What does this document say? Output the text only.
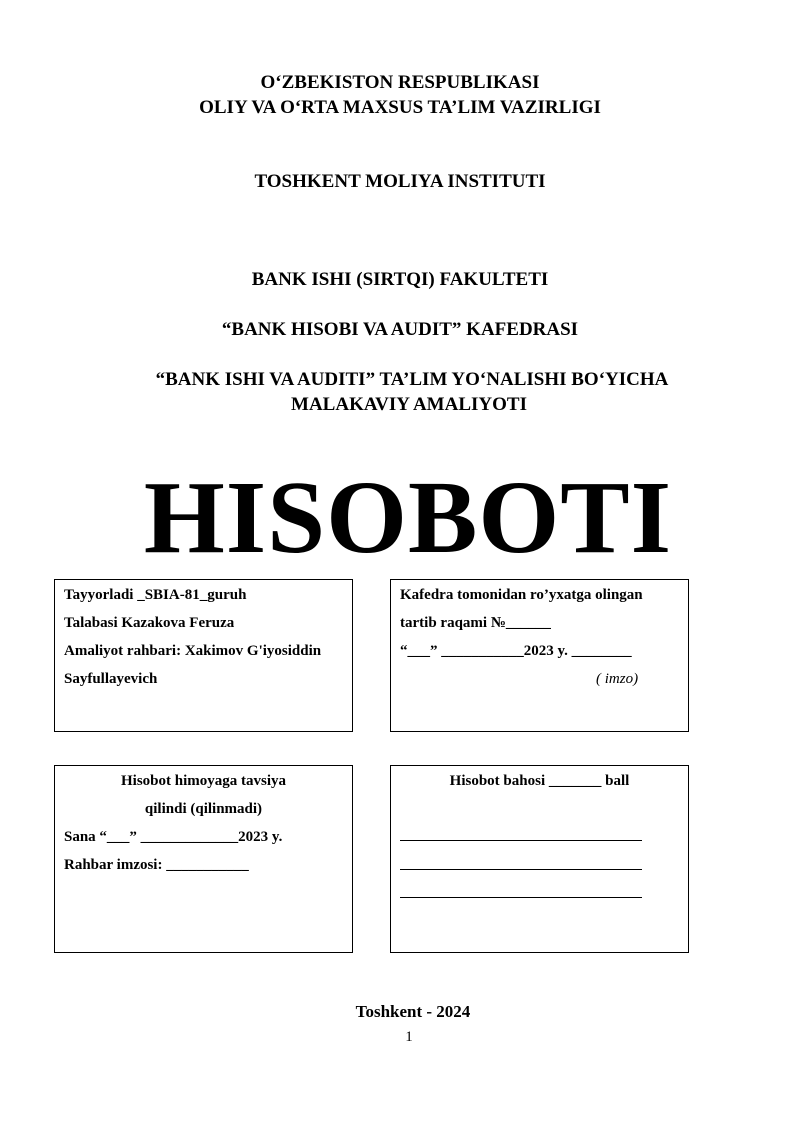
O‘ZBEKISTON RESPUBLIKASI
OLIY VA O‘RTA MAXSUS TA’LIM VAZIRLIGI
TOSHKENT MOLIYA INSTITUTI
BANK ISHI (SIRTQI) FAKULTETI
“BANK HISOBI VA AUDIT” KAFEDRASI
“BANK ISHI VA AUDITI” TA’LIM YO‘NALISHI BO‘YICHA
MALAKAVIY AMALIYOTI
HISOBOTI
Tayyorladi _SBIA-81_guruh
Talabasi Kazakova Feruza
Amaliyot rahbari: Xakimov G'iyosiddin
Sayfullayevich
Kafedra tomonidan ro’yxatga olingan
tartib raqami №______
“___” ___________2023 y. ________
( imzo)
Hisobot himoyaga tavsiya
qilindi (qilinmadi)
Sana “___” _____________2023 y.
Rahbar imzosi: ___________
Hisobot bahosi _______ ball
Toshkent - 2024
1
